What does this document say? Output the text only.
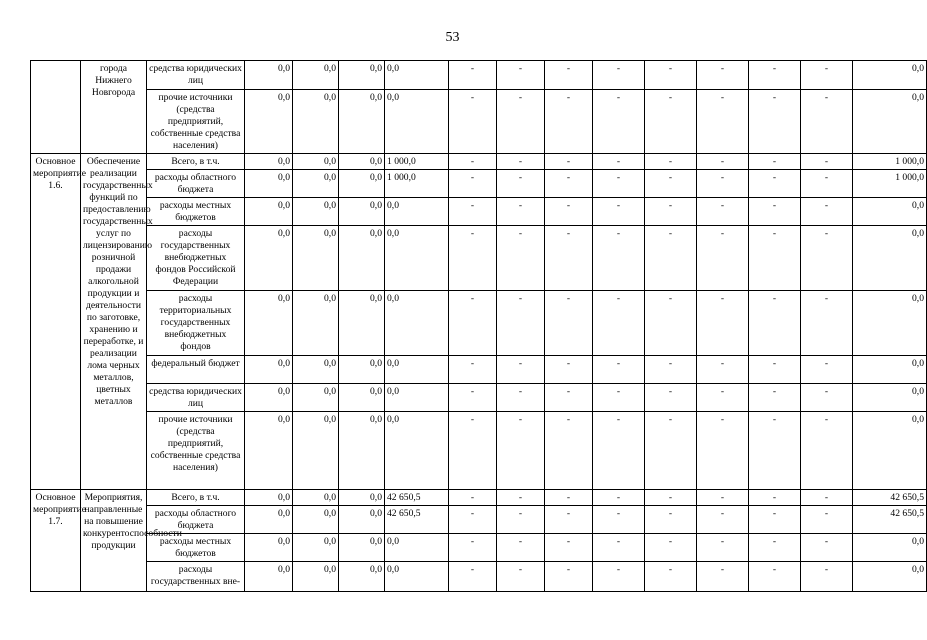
53
	города Нижнего Новгорода	средства юридических лиц	0,0	0,0	0,0	0,0	-	-	-	-	-	-	-	-	0,0
		прочие источники (средства предприятий, собственные средства населения)	0,0	0,0	0,0	0,0	-	-	-	-	-	-	-	-	0,0
Основное мероприятие 1.6.	Обеспечение реализации государственных функций по предоставлению государственных услуг по лицензированию розничной продажи алкогольной продукции и деятельности по заготовке, хранению и переработке, и реализации лома черных металлов, цветных металлов	Всего, в т.ч.	0,0	0,0	0,0	1 000,0	-	-	-	-	-	-	-	-	1 000,0
		расходы областного бюджета	0,0	0,0	0,0	1 000,0	-	-	-	-	-	-	-	-	1 000,0
		расходы местных бюджетов	0,0	0,0	0,0	0,0	-	-	-	-	-	-	-	-	0,0
		расходы государственных внебюджетных фондов Российской Федерации	0,0	0,0	0,0	0,0	-	-	-	-	-	-	-	-	0,0
		расходы территориальных государственных внебюджетных фондов	0,0	0,0	0,0	0,0	-	-	-	-	-	-	-	-	0,0
		федеральный бюджет	0,0	0,0	0,0	0,0	-	-	-	-	-	-	-	-	0,0
		средства юридических лиц	0,0	0,0	0,0	0,0	-	-	-	-	-	-	-	-	0,0
		прочие источники (средства предприятий, собственные средства населения)	0,0	0,0	0,0	0,0	-	-	-	-	-	-	-	-	0,0
Основное мероприятие 1.7.	Мероприятия, направленные на повышение конкурентоспособности продукции	Всего, в т.ч.	0,0	0,0	0,0	42 650,5	-	-	-	-	-	-	-	-	42 650,5
		расходы областного бюджета	0,0	0,0	0,0	42 650,5	-	-	-	-	-	-	-	-	42 650,5
		расходы местных бюджетов	0,0	0,0	0,0	0,0	-	-	-	-	-	-	-	-	0,0
		расходы государственных вне-	0,0	0,0	0,0	0,0	-	-	-	-	-	-	-	-	0,0
